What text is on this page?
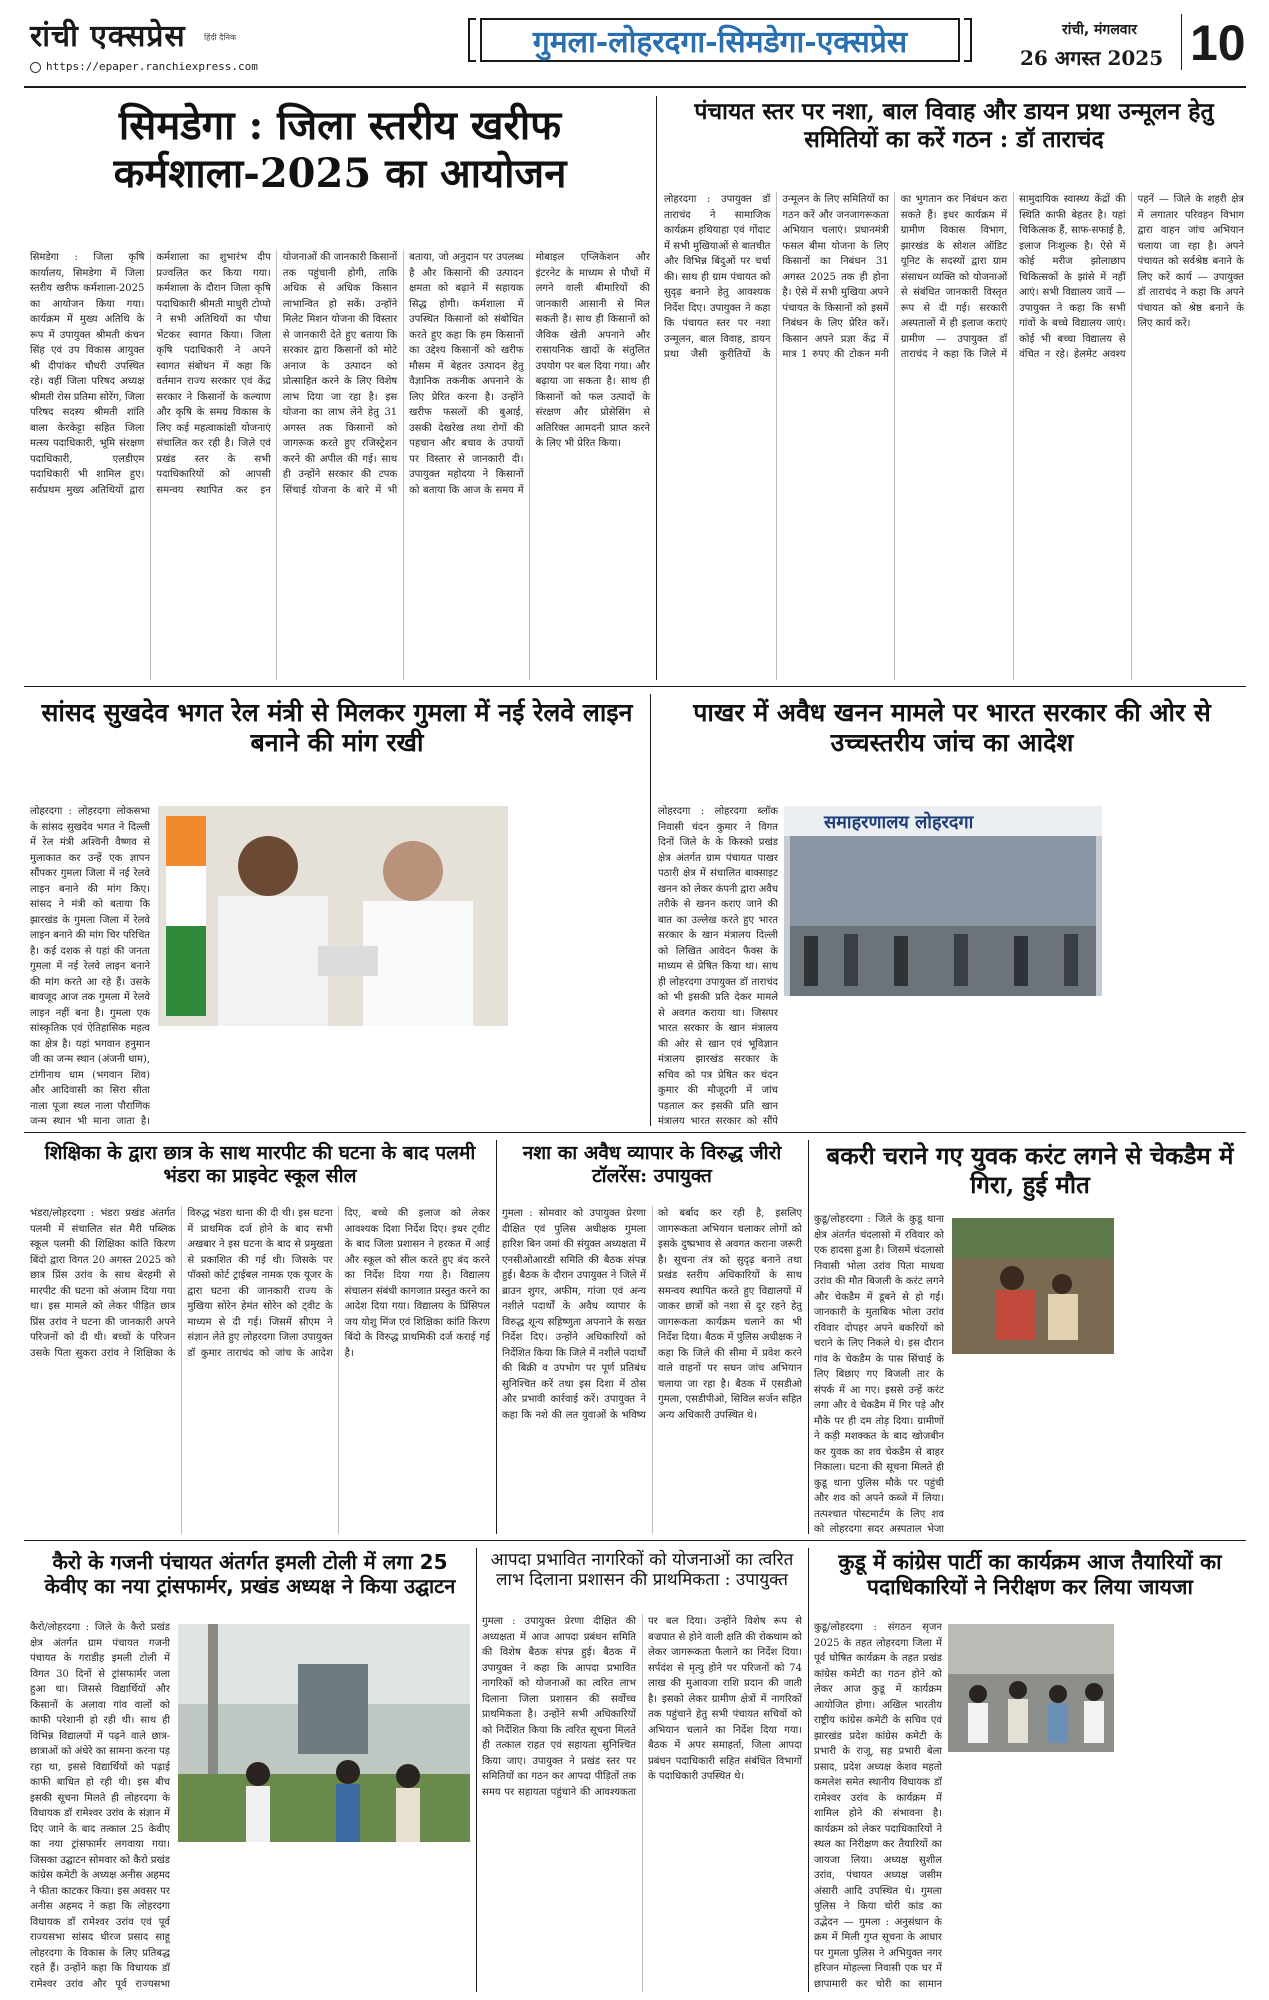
रांची एक्सप्रेस हिंदी दैनिक
https://epaper.ranchiexpress.com
गुमला-लोहरदगा-सिमडेगा-एक्सप्रेस	रांची, मंगलवार
26 अगस्त 2025 10
सिमडेगा : जिला स्तरीय खरीफ कर्मशाला-2025 का आयोजन
सिमडेगा : जिला कृषि कार्यालय, सिमडेगा में जिला स्तरीय खरीफ कर्मशाला-2025 का आयोजन किया गया। कार्यक्रम में मुख्य अतिथि के रूप में उपायुक्त श्रीमती कंचन सिंह एवं उप विकास आयुक्त श्री दीपांकर चौधरी उपस्थित रहे। वहीं जिला परिषद अध्यक्ष श्रीमती रोस प्रतिमा सोरेंग, जिला परिषद सदस्य श्रीमती शांति बाला केरकेट्टा सहित जिला मत्स्य पदाधिकारी, भूमि संरक्षण पदाधिकारी, एलडीएम पदाधिकारी भी शामिल हुए। सर्वप्रथम मुख्य अतिथियों द्वारा कर्मशाला का शुभारंभ दीप प्रज्वलित कर किया गया। कर्मशाला के दौरान जिला कृषि पदाधिकारी श्रीमती माधुरी टोप्पो ने सभी अतिथियों का पौधा भेंटकर स्वागत किया। जिला कृषि पदाधिकारी ने अपने स्वागत संबोधन में कहा कि वर्तमान राज्य सरकार एवं केंद्र सरकार ने किसानों के कल्याण और कृषि के समग्र विकास के लिए कई महत्वाकांक्षी योजनाएं संचालित कर रही है। जिले एवं प्रखंड स्तर के सभी पदाधिकारियों को आपसी समन्वय स्थापित कर इन योजनाओं की जानकारी किसानों तक पहुंचानी होगी, ताकि अधिक से अधिक किसान लाभान्वित हो सकें। उन्होंने मिलेट मिशन योजना की विस्तार से जानकारी देते हुए बताया कि सरकार द्वारा किसानों को मोटे अनाज के उत्पादन को प्रोत्साहित करने के लिए विशेष लाभ दिया जा रहा है। इस योजना का लाभ लेने हेतु 31 अगस्त तक किसानों को जागरूक करते हुए रजिस्ट्रेशन करने की अपील की गई। साथ ही उन्होंने सरकार की टपक सिंचाई योजना के बारे में भी बताया, जो अनुदान पर उपलब्ध है और किसानों की उत्पादन क्षमता को बढ़ाने में सहायक सिद्ध होगी। कर्मशाला में उपस्थित किसानों को संबोधित करते हुए कहा कि हम किसानों का उद्देश्य किसानों को खरीफ मौसम में बेहतर उत्पादन हेतु वैज्ञानिक तकनीक अपनाने के लिए प्रेरित करना है। उन्होंने खरीफ फसलों की बुआई, उसकी देखरेख तथा रोगों की पहचान और बचाव के उपायों पर विस्तार से जानकारी दी। उपायुक्त महोदया ने किसानों को बताया कि आज के समय में मोबाइल एप्लिकेशन और इंटरनेट के माध्यम से पौधों में लगने वाली बीमारियों की जानकारी आसानी से मिल सकती है। साथ ही किसानों को जैविक खेती अपनाने और रासायनिक खादों के संतुलित उपयोग पर बल दिया गया। और बढ़ाया जा सकता है। साथ ही किसानों को फल उत्पादों के संरक्षण और प्रोसेसिंग से अतिरिक्त आमदनी प्राप्त करने के लिए भी प्रेरित किया।
पंचायत स्तर पर नशा, बाल विवाह और डायन प्रथा उन्मूलन हेतु समितियों का करें गठन : डॉ ताराचंद
लोहरदगा : उपायुक्त डॉ ताराचंद ने सामाजिक कार्यक्रम हथियाहा एवं गोंदाट में सभी मुखियाओं से बातचीत और विभिन्न बिंदुओं पर चर्चा की। साथ ही ग्राम पंचायत को सुदृढ़ बनाने हेतु आवश्यक निर्देश दिए। उपायुक्त ने कहा कि पंचायत स्तर पर नशा उन्मूलन, बाल विवाह, डायन प्रथा जैसी कुरीतियों के उन्मूलन के लिए समितियों का गठन करें और जनजागरूकता अभियान चलाएं। प्रधानमंत्री फसल बीमा योजना के लिए किसानों का निबंधन 31 अगस्त 2025 तक ही होना है। ऐसे में सभी मुखिया अपने पंचायत के किसानों को इसमें निबंधन के लिए प्रेरित करें। किसान अपने प्रज्ञा केंद्र में मात्र 1 रुपए की टोकन मनी का भुगतान कर निबंधन करा सकते हैं। इधर कार्यक्रम में ग्रामीण विकास विभाग, झारखंड के सोशल ऑडिट यूनिट के सदस्यों द्वारा ग्राम संसाधन व्यक्ति को योजनाओं से संबंधित जानकारी विस्तृत रूप से दी गई। सरकारी अस्पतालों में ही इलाज कराएं ग्रामीण — उपायुक्त डॉ ताराचंद ने कहा कि जिले में सामुदायिक स्वास्थ्य केंद्रों की स्थिति काफी बेहतर है। यहां चिकित्सक हैं, साफ-सफाई है, इलाज निःशुल्क है। ऐसे में कोई मरीज झोलाछाप चिकित्सकों के झांसे में नहीं आएं। सभी विद्यालय जायें — उपायुक्त ने कहा कि सभी गांवों के बच्चे विद्यालय जाएं। कोई भी बच्चा विद्यालय से वंचित न रहे। हेलमेट अवश्य पहनें — जिले के शहरी क्षेत्र में लगातार परिवहन विभाग द्वारा वाहन जांच अभियान चलाया जा रहा है। अपने पंचायत को सर्वश्रेष्ठ बनाने के लिए करें कार्य — उपायुक्त डॉ ताराचंद ने कहा कि अपने पंचायत को श्रेष्ठ बनाने के लिए कार्य करें।
सांसद सुखदेव भगत रेल मंत्री से मिलकर गुमला में नई रेलवे लाइन बनाने की मांग रखी
लोहरदगा : लोहरदगा लोकसभा के सांसद सुखदेव भगत ने दिल्ली में रेल मंत्री अश्विनी वैष्णव से मुलाकात कर उन्हें एक ज्ञापन सौंपकर गुमला जिला में नई रेलवे लाइन बनाने की मांग किए। सांसद ने मंत्री को बताया कि झारखंड के गुमला जिला में रेलवे लाइन बनाने की मांग चिर परिचित है। कई दशक से यहां की जनता गुमला में नई रेलवे लाइन बनाने की मांग करते आ रहे हैं। उसके बावजूद आज तक गुमला में रेलवे लाइन नहीं बना है। गुमला एक सांस्कृतिक एवं ऐतिहासिक महत्व का क्षेत्र है। यहां भगवान हनुमान जी का जन्म स्थान (अंजनी धाम), टांगीनाथ धाम (भगवान शिव) और आदिवासी का सिरा सीता नाला पूजा स्थल नाला पौराणिक जन्म स्थान भी माना जाता है।
पाखर में अवैध खनन मामले पर भारत सरकार की ओर से उच्चस्तरीय जांच का आदेश
लोहरदगा : लोहरदगा ब्लॉक निवासी चंदन कुमार ने विगत दिनों जिले के के किस्को प्रखंड क्षेत्र अंतर्गत ग्राम पंचायत पाखर पठारी क्षेत्र में संचालित बाक्साइट खनन को लेकर कंपनी द्वारा अवैध तरीके से खनन कराए जाने की बात का उल्लेख करते हुए भारत सरकार के खान मंत्रालय दिल्ली को लिखित आवेदन फैक्स के माध्यम से प्रेषित किया था। साथ ही लोहरदगा उपायुक्त डॉ ताराचंद को भी इसकी प्रति देकर मामले से अवगत कराया था। जिसपर भारत सरकार के खान मंत्रालय की ओर से खान एवं भूविज्ञान मंत्रालय झारखंड सरकार के सचिव को पत्र प्रेषित कर चंदन कुमार की मौजूदगी में जांच पड़ताल कर इसकी प्रति खान मंत्रालय भारत सरकार को सौंपे
समाहरणालय लोहरदगा
शिक्षिका के द्वारा छात्र के साथ मारपीट की घटना के बाद पलमी भंडरा का प्राइवेट स्कूल सील
भंडरा/लोहरदगा : भंडरा प्रखंड अंतर्गत पलमी में संचालित संत मैरी पब्लिक स्कूल पलमी की शिक्षिका कांति किरण बिंदो द्वारा विगत 20 अगस्त 2025 को छात्र प्रिंस उरांव के साथ बेरहमी से मारपीट की घटना को अंजाम दिया गया था। इस मामले को लेकर पीड़ित छात्र प्रिंस उरांव ने घटना की जानकारी अपने परिजनों को दी थी। बच्चों के परिजन उसके पिता सुकरा उरांव ने शिक्षिका के विरुद्ध भंडरा थाना की दी थी। इस घटना में प्राथमिक दर्ज होने के बाद सभी अखबार ने इस घटना के बाद से प्रमुखता से प्रकाशित की गई थी। जिसके पर पॉक्सो कोर्ट ट्राईबल नामक एक यूजर के द्वारा घटना की जानकारी राज्य के मुखिया सोरेन हेमंत सोरेन को ट्वीट के माध्यम से दी गई। जिसमें सीएम ने संज्ञान लेते हुए लोहरदगा जिला उपायुक्त डॉ कुमार ताराचंद को जांच के आदेश दिए, बच्चे की इलाज को लेकर आवश्यक दिशा निर्देश दिए। इधर ट्वीट के बाद जिला प्रशासन ने हरकत में आई और स्कूल को सील करते हुए बंद करने का निर्देश दिया गया है। विद्यालय संचालन संबंधी कागजात प्रस्तुत करने का आदेश दिया गया। विद्यालय के प्रिंसिपल जय योशु मिंज एवं शिक्षिका कांति किरण बिंदो के विरुद्ध प्राथमिकी दर्ज कराई गई है।
नशा का अवैध व्यापार के विरुद्ध जीरो टॉलरेंस: उपायुक्त
गुमला : सोमवार को उपायुक्त प्रेरणा दीक्षित एवं पुलिस अधीक्षक गुमला हारिश बिन जमां की संयुक्त अध्यक्षता में एनसीओआरडी समिति की बैठक संपन्न हुई। बैठक के दौरान उपायुक्त ने जिले में ब्राउन शुगर, अफीम, गांजा एवं अन्य नशीले पदार्थों के अवैध व्यापार के विरुद्ध शून्य सहिष्णुता अपनाने के सख्त निर्देश दिए। उन्होंने अधिकारियों को निर्देशित किया कि जिले में नशीले पदार्थों की बिक्री व उपभोग पर पूर्ण प्रतिबंध सुनिश्चित करें तथा इस दिशा में ठोस और प्रभावी कार्रवाई करें। उपायुक्त ने कहा कि नशे की लत युवाओं के भविष्य को बर्बाद कर रही है, इसलिए जागरूकता अभियान चलाकर लोगों को इसके दुष्प्रभाव से अवगत कराना जरूरी है। सूचना तंत्र को सुदृढ़ बनाने तथा प्रखंड स्तरीय अधिकारियों के साथ समन्वय स्थापित करते हुए विद्यालयों में जाकर छात्रों को नशा से दूर रहने हेतु जागरूकता कार्यक्रम चलाने का भी निर्देश दिया। बैठक में पुलिस अधीक्षक ने कहा कि जिले की सीमा में प्रवेश करने वाले वाहनों पर सघन जांच अभियान चलाया जा रहा है। बैठक में एसडीओ गुमला, एसडीपीओ, सिविल सर्जन सहित अन्य अधिकारी उपस्थित थे।
बकरी चराने गए युवक करंट लगने से चेकडैम में गिरा, हुई मौत
कुडू/लोहरदगा : जिले के कुडू थाना क्षेत्र अंतर्गत चंदलासो में रविवार को एक हादसा हुआ है। जिसमें चंदलासो निवासी भोला उरांव पिता माधवा उरांव की मौत बिजली के करंट लगने और चेकडैम में डूबने से हो गई। जानकारी के मुताबिक भोला उरांव रविवार दोपहर अपने बकरियों को चराने के लिए निकले थे। इस दौरान गांव के चेकडैम के पास सिंचाई के लिए बिछाए गए बिजली तार के संपर्क में आ गए। इससे उन्हें करंट लगा और वे चेकडैम में गिर पड़े और मौके पर ही दम तोड़ दिया। ग्रामीणों ने कड़ी मशक्कत के बाद खोजबीन कर युवक का शव चेकडैम से बाहर निकाला। घटना की सूचना मिलते ही कुडू थाना पुलिस मौके पर पहुंची और शव को अपने कब्जे में लिया। तत्पश्चात पोस्टमार्टम के लिए शव को लोहरदगा सदर अस्पताल भेजा
कैरो के गजनी पंचायत अंतर्गत इमली टोली में लगा 25 केवीए का नया ट्रांसफार्मर, प्रखंड अध्यक्ष ने किया उद्घाटन
कैरो/लोहरदगा : जिले के कैरो प्रखंड क्षेत्र अंतर्गत ग्राम पंचायत गजनी पंचायत के गराडीह इमली टोली में विगत 30 दिनों से ट्रांसफार्मर जला हुआ था। जिससे विद्यार्थियों और किसानों के अलावा गांव वालों को काफी परेशानी हो रही थी। साथ ही विभिन्न विद्यालयों में पढ़ने वाले छात्र-छात्राओं को अंधेरे का सामना करना पड़ रहा था, इससे विद्यार्थियों को पढ़ाई काफी बाधित हो रही थी। इस बीच इसकी सूचना मिलते ही लोहरदगा के विधायक डॉ रामेश्वर उरांव के संज्ञान में दिए जाने के बाद तत्काल 25 केवीए का नया ट्रांसफार्मर लगवाया गया। जिसका उद्घाटन सोमवार को कैरो प्रखंड कांग्रेस कमेटी के अध्यक्ष अनीस अहमद ने फीता काटकर किया। इस अवसर पर अनीस अहमद ने कहा कि लोहरदगा विधायक डॉ रामेश्वर उरांव एवं पूर्व राज्यसभा सांसद धीरज प्रसाद साहू लोहरदगा के विकास के लिए प्रतिबद्ध रहते हैं। उन्होंने कहा कि विधायक डॉ रामेश्वर उरांव और पूर्व राज्यसभा
आपदा प्रभावित नागरिकों को योजनाओं का त्वरित लाभ दिलाना प्रशासन की प्राथमिकता : उपायुक्त
गुमला : उपायुक्त प्रेरणा दीक्षित की अध्यक्षता में आज आपदा प्रबंधन समिति की विशेष बैठक संपन्न हुई। बैठक में उपायुक्त ने कहा कि आपदा प्रभावित नागरिकों को योजनाओं का त्वरित लाभ दिलाना जिला प्रशासन की सर्वोच्च प्राथमिकता है। उन्होंने सभी अधिकारियों को निर्देशित किया कि त्वरित सूचना मिलते ही तत्काल राहत एवं सहायता सुनिश्चित किया जाए। उपायुक्त ने प्रखंड स्तर पर समितियों का गठन कर आपदा पीड़ितों तक समय पर सहायता पहुंचाने की आवश्यकता पर बल दिया। उन्होंने विशेष रूप से बज्रपात से होने वाली क्षति की रोकथाम को लेकर जागरूकता फैलाने का निर्देश दिया। सर्पदंश से मृत्यु होने पर परिजनों को 74 लाख की मुआवजा राशि प्रदान की जाती है। इसको लेकर ग्रामीण क्षेत्रों में नागरिकों तक पहुंचाने हेतु सभी पंचायत सचिवों को अभियान चलाने का निर्देश दिया गया। बैठक में अपर समाहर्ता, जिला आपदा प्रबंधन पदाधिकारी सहित संबंधित विभागों के पदाधिकारी उपस्थित थे।
कुडू में कांग्रेस पार्टी का कार्यक्रम आज तैयारियों का पदाधिकारियों ने निरीक्षण कर लिया जायजा
कुडू/लोहरदगा : संगठन सृजन 2025 के तहत लोहरदगा जिला में पूर्व घोषित कार्यक्रम के तहत प्रखंड कांग्रेस कमेटी का गठन होने को लेकर आज कुडू में कार्यक्रम आयोजित होगा। अखिल भारतीय राष्ट्रीय कांग्रेस कमेटी के सचिव एवं झारखंड प्रदेश कांग्रेस कमेटी के प्रभारी के राजू, सह प्रभारी बेला प्रसाद, प्रदेश अध्यक्ष केशव महतो कमलेश समेत स्थानीय विधायक डॉ रामेश्वर उरांव के कार्यक्रम में शामिल होने की संभावना है। कार्यक्रम को लेकर पदाधिकारियों ने स्थल का निरीक्षण कर तैयारियों का जायजा लिया। अध्यक्ष सुशील उरांव, पंचायत अध्यक्ष जसीम अंसारी आदि उपस्थित थे। गुमला पुलिस ने किया चोरी कांड का उद्भेदन — गुमला : अनुसंधान के क्रम में मिली गुप्त सूचना के आधार पर गुमला पुलिस ने अभियुक्त नगर हरिजन मोहल्ला निवासी एक घर में छापामारी कर चोरी का सामान
